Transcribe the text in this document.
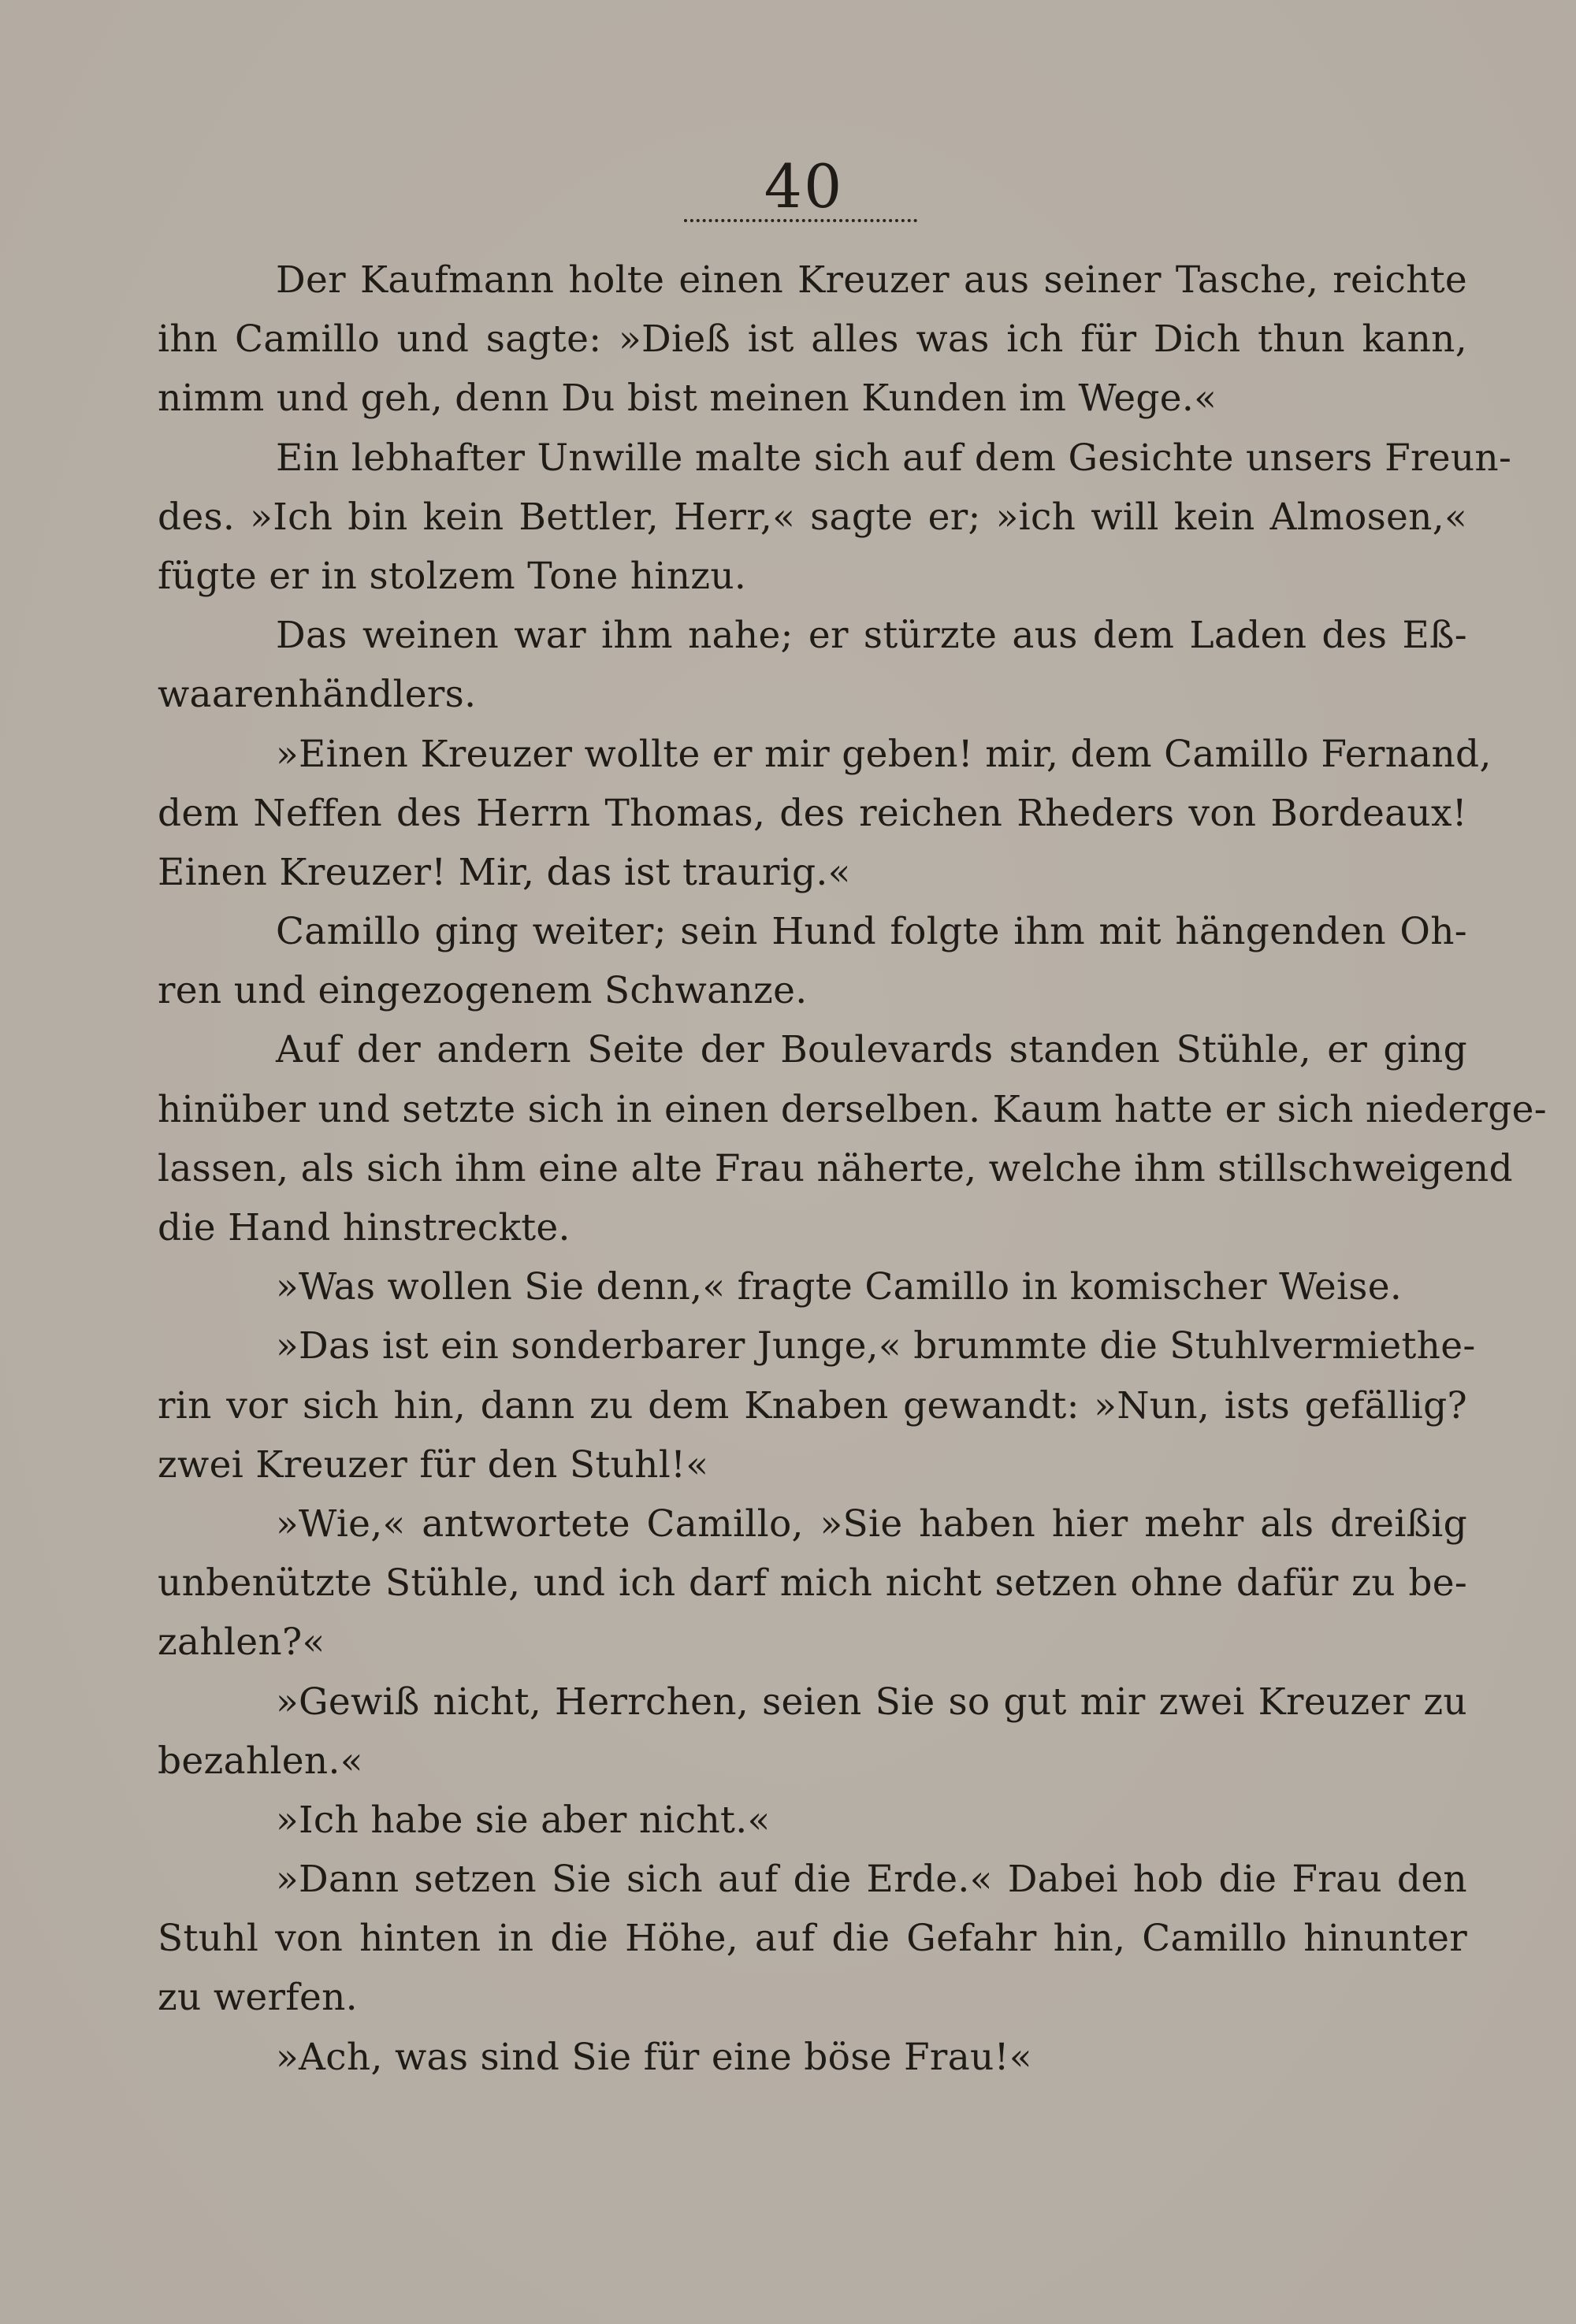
40
Der Kaufmann holte einen Kreuzer aus seiner Tasche, reichte
ihn Camillo und sagte: »Dieß ist alles was ich für Dich thun kann,
nimm und geh, denn Du bist meinen Kunden im Wege.«
Ein lebhafter Unwille malte sich auf dem Gesichte unsers Freun-
des. »Ich bin kein Bettler, Herr,« sagte er; »ich will kein Almosen,«
fügte er in stolzem Tone hinzu.
Das weinen war ihm nahe; er stürzte aus dem Laden des Eß-
waarenhändlers.
»Einen Kreuzer wollte er mir geben! mir, dem Camillo Fernand,
dem Neffen des Herrn Thomas, des reichen Rheders von Bordeaux!
Einen Kreuzer! Mir, das ist traurig.«
Camillo ging weiter; sein Hund folgte ihm mit hängenden Oh-
ren und eingezogenem Schwanze.
Auf der andern Seite der Boulevards standen Stühle, er ging
hinüber und setzte sich in einen derselben. Kaum hatte er sich niederge-
lassen, als sich ihm eine alte Frau näherte, welche ihm stillschweigend
die Hand hinstreckte.
»Was wollen Sie denn,« fragte Camillo in komischer Weise.
»Das ist ein sonderbarer Junge,« brummte die Stuhlvermiethe-
rin vor sich hin, dann zu dem Knaben gewandt: »Nun, ists gefällig?
zwei Kreuzer für den Stuhl!«
»Wie,« antwortete Camillo, »Sie haben hier mehr als dreißig
unbenützte Stühle, und ich darf mich nicht setzen ohne dafür zu be-
zahlen?«
»Gewiß nicht, Herrchen, seien Sie so gut mir zwei Kreuzer zu
bezahlen.«
»Ich habe sie aber nicht.«
»Dann setzen Sie sich auf die Erde.« Dabei hob die Frau den
Stuhl von hinten in die Höhe, auf die Gefahr hin, Camillo hinunter
zu werfen.
»Ach, was sind Sie für eine böse Frau!«
